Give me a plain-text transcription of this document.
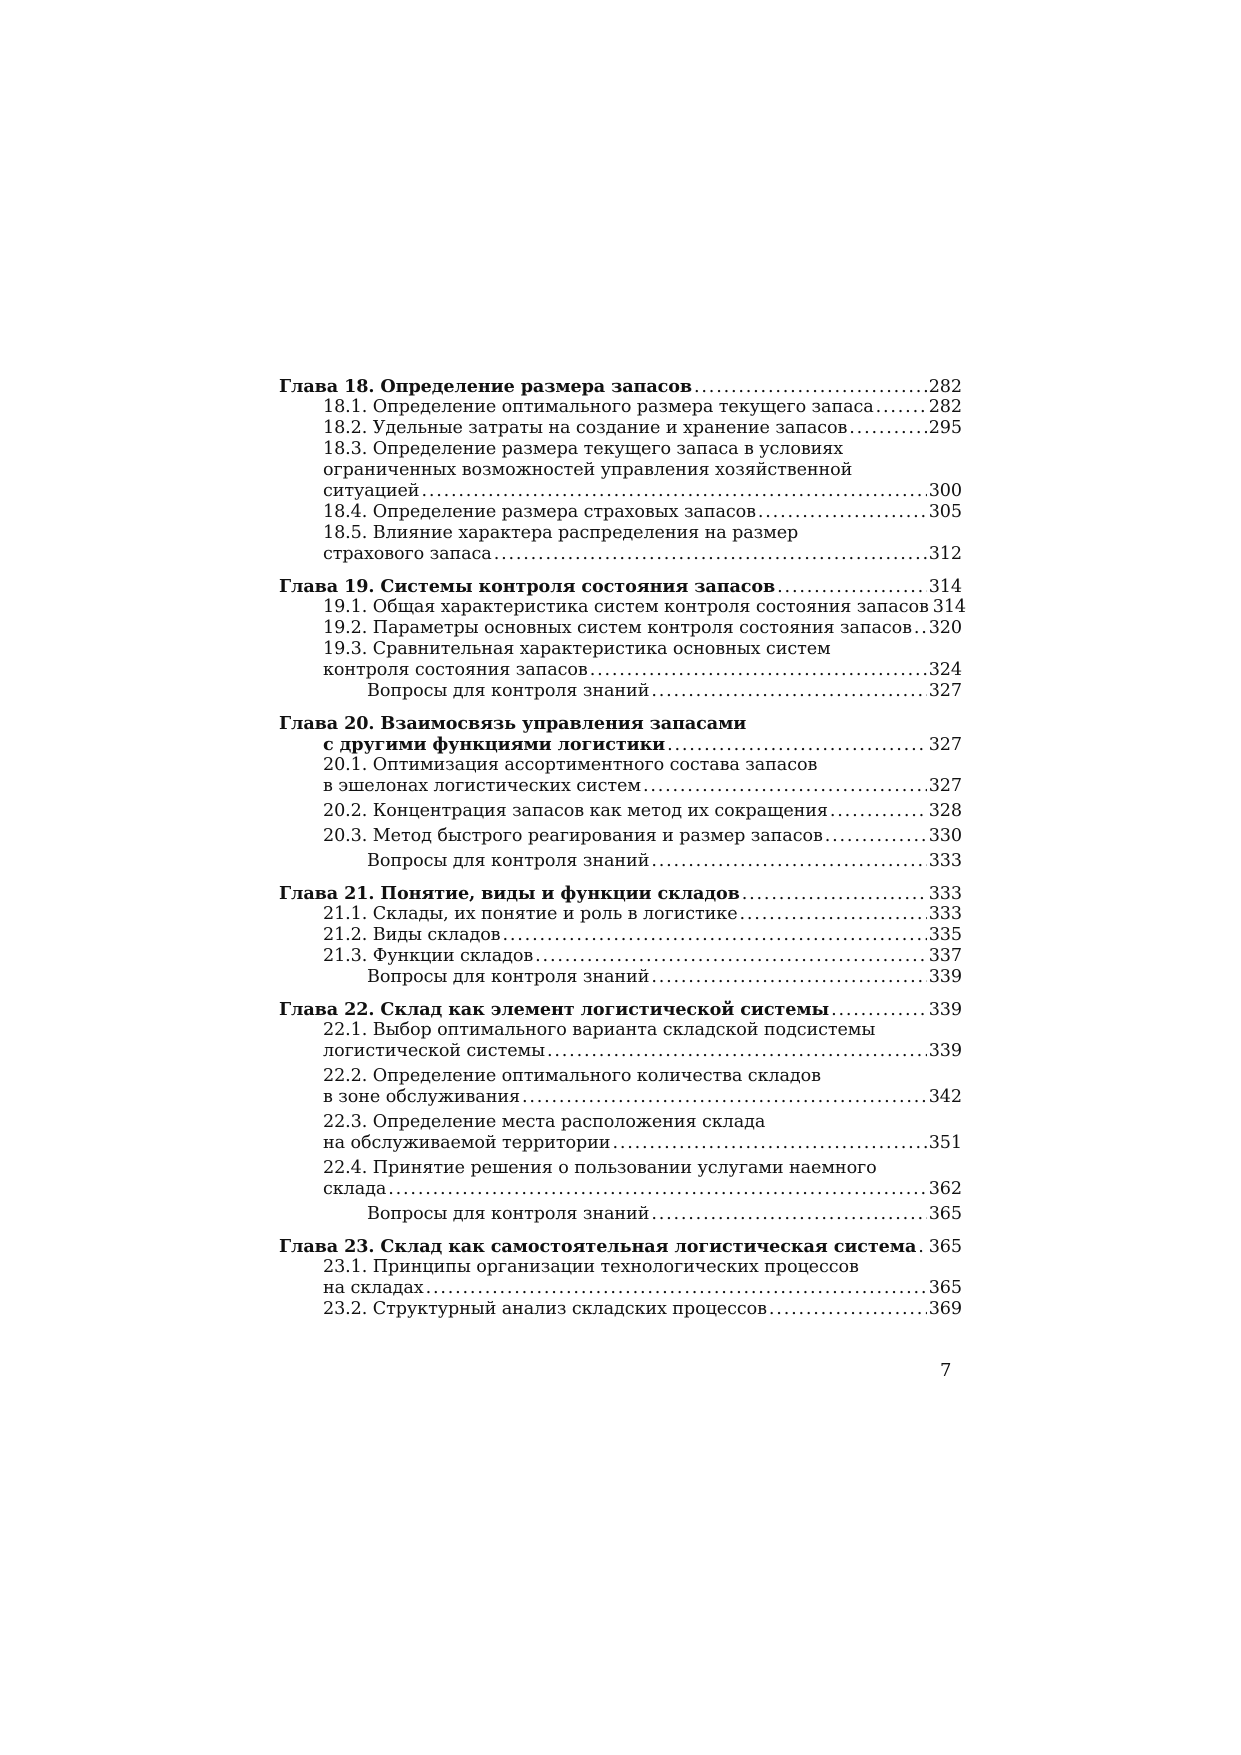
Глава 18. Определение размера запасов .....	282
18.1. Определение оптимального размера текущего запаса .....	282
18.2. Удельные затраты на создание и хранение запасов .....	295
18.3. Определение размера текущего запаса в условиях
ограниченных возможностей управления хозяйственной
ситуацией .....	300
18.4. Определение размера страховых запасов .....	305
18.5. Влияние характера распределения на размер
страхового запаса .....	312
Глава 19. Системы контроля состояния запасов .....	314
19.1. Общая характеристика систем контроля состояния запасов 314
19.2. Параметры основных систем контроля состояния запасов ..... 320
19.3. Сравнительная характеристика основных систем
контроля состояния запасов .....	324
Вопросы для контроля знаний .....	327
Глава 20. Взаимосвязь управления запасами
с другими функциями логистики .....	327
20.1. Оптимизация ассортиментного состава запасов
в эшелонах логистических систем .....	327
20.2. Концентрация запасов как метод их сокращения .....	328
20.3. Метод быстрого реагирования и размер запасов .....	330
Вопросы для контроля знаний .....	333
Глава 21. Понятие, виды и функции складов .....	333
21.1. Склады, их понятие и роль в логистике .....	333
21.2. Виды складов .....	335
21.3. Функции складов .....	337
Вопросы для контроля знаний .....	339
Глава 22. Склад как элемент логистической системы .....	339
22.1. Выбор оптимального варианта складской подсистемы
логистической системы .....	339
22.2. Определение оптимального количества складов
в зоне обслуживания .....	342
22.3. Определение места расположения склада
на обслуживаемой территории .....	351
22.4. Принятие решения о пользовании услугами наемного
склада .....	362
Вопросы для контроля знаний .....	365
Глава 23. Склад как самостоятельная логистическая система ..... 365
23.1. Принципы организации технологических процессов
на складах .....	365
23.2. Структурный анализ складских процессов .....	369
7
